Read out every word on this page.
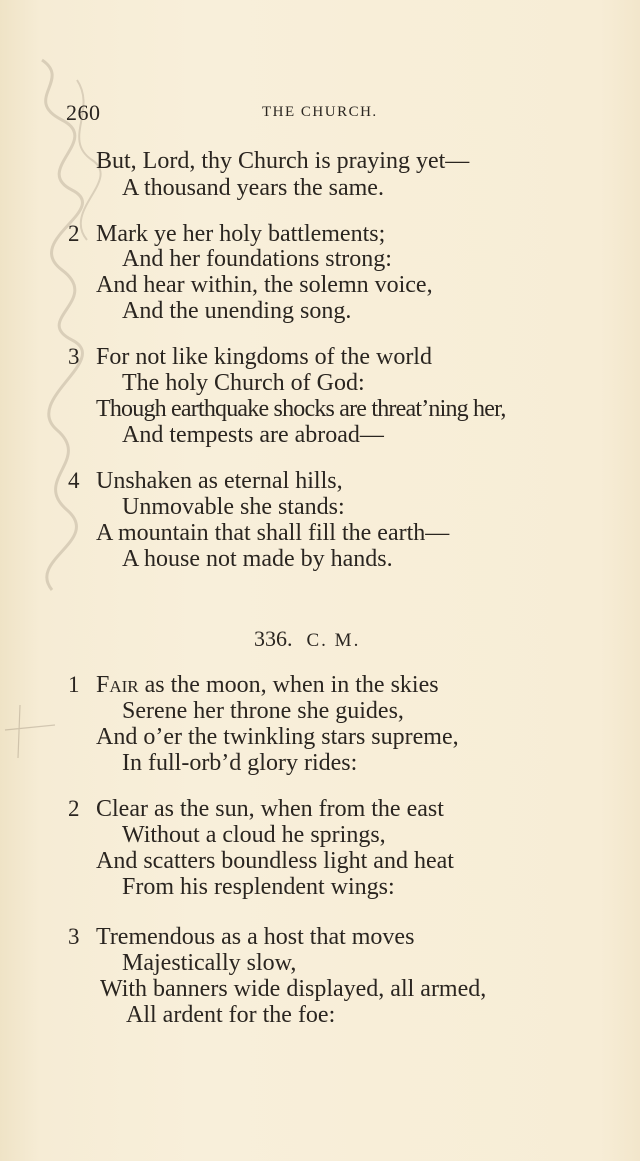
260	THE CHURCH.
But, Lord, thy Church is praying yet—
A thousand years the same.
2 Mark ye her holy battlements;
And her foundations strong:
And hear within, the solemn voice,
And the unending song.
3 For not like kingdoms of the world
The holy Church of God:
Though earthquake shocks are threat’ning her,
And tempests are abroad—
4 Unshaken as eternal hills,
Unmovable she stands:
A mountain that shall fill the earth—
A house not made by hands.
336. C. M.
1 Fair as the moon, when in the skies
Serene her throne she guides,
And o’er the twinkling stars supreme,
In full-orb’d glory rides:
2 Clear as the sun, when from the east
Without a cloud he springs,
And scatters boundless light and heat
From his resplendent wings:
3 Tremendous as a host that moves
Majestically slow,
With banners wide displayed, all armed,
All ardent for the foe:
